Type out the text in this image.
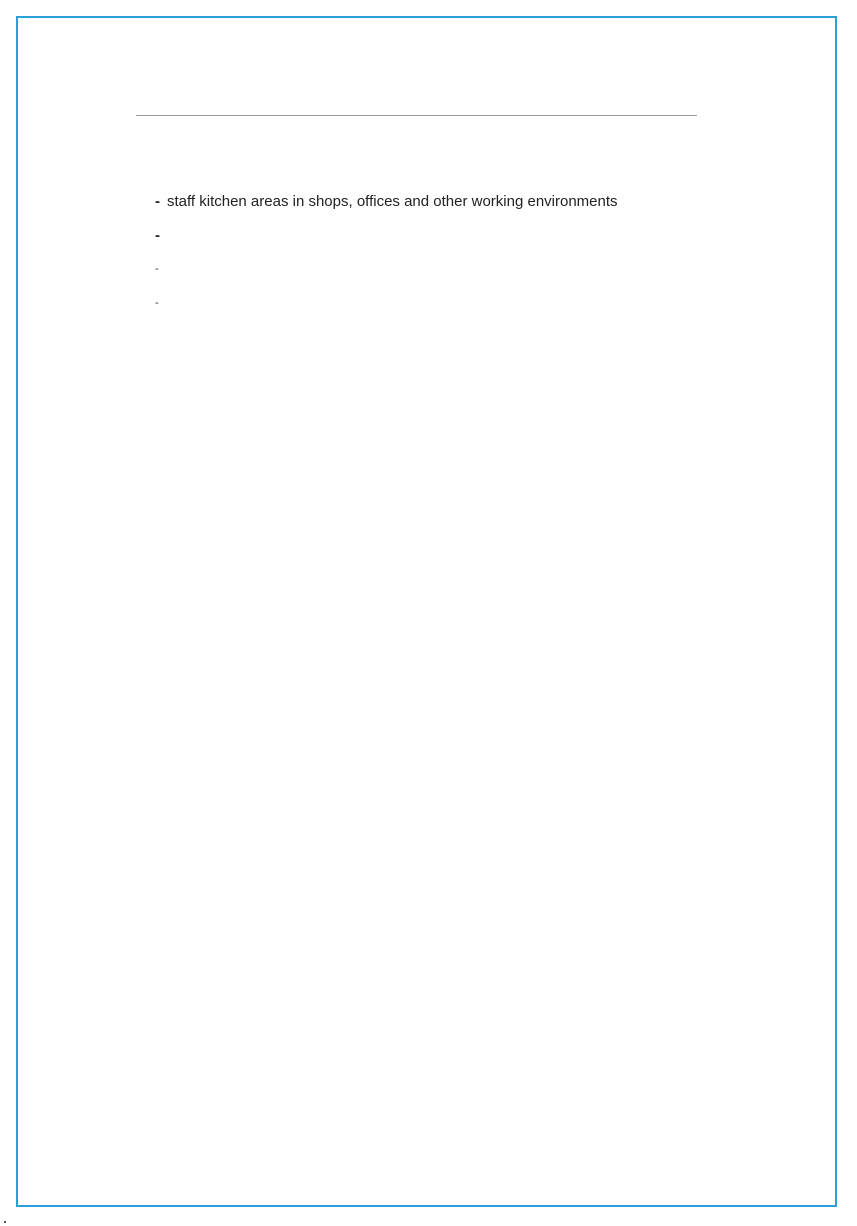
- staff kitchen areas in shops, offices and other working environments
-
-
-
